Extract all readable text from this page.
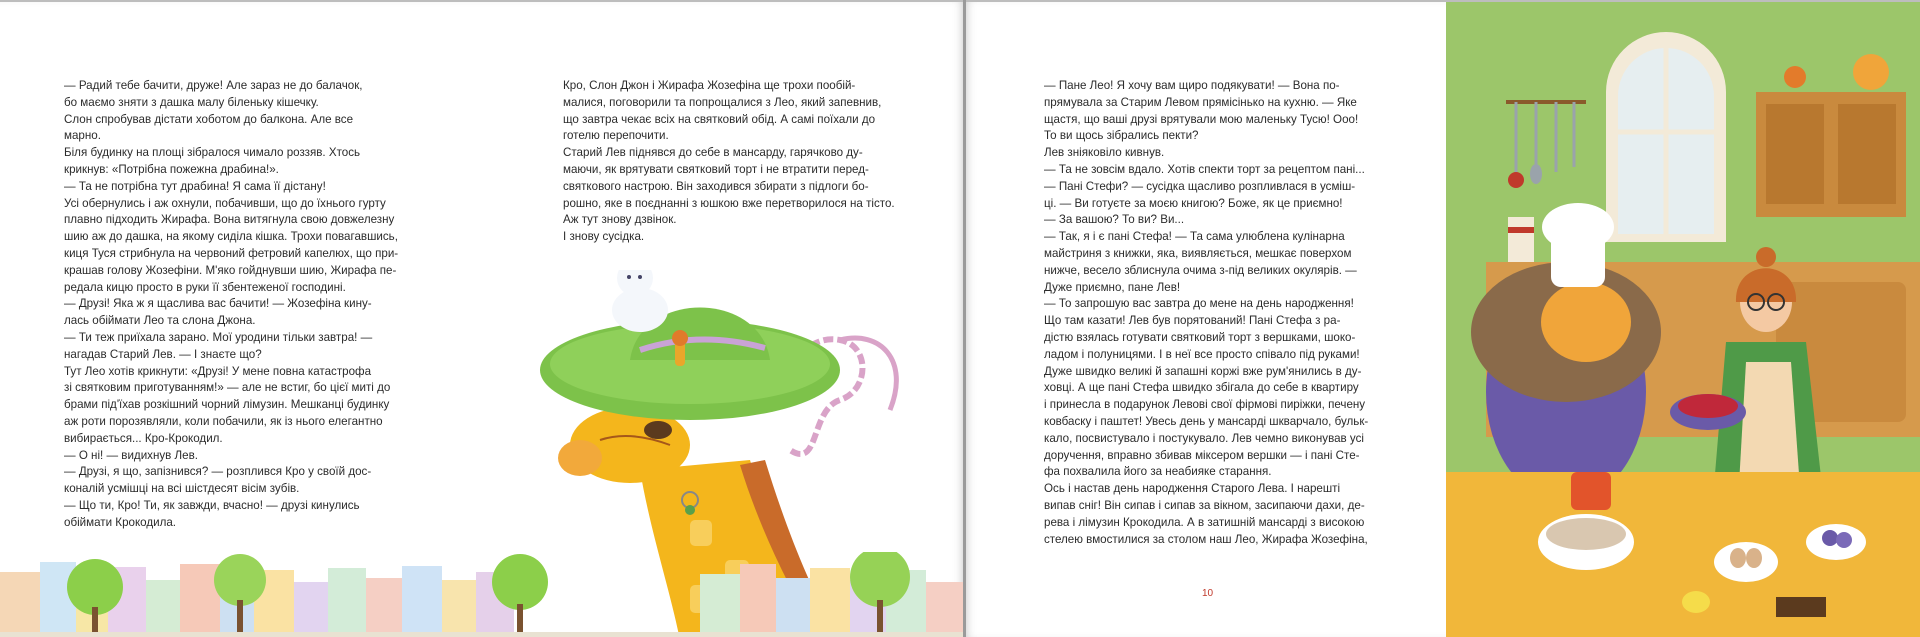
— Радий тебе бачити, друже! Але зараз не до балачок,

бо маємо зняти з дашка малу біленьку кішечку.

Слон спробував дістати хоботом до балкона. Але все

марно.

Біля будинку на площі зібралося чимало роззяв. Хтось

крикнув: «Потрібна пожежна драбина!».

— Та не потрібна тут драбина! Я сама її дістану!

Усі обернулись і аж охнули, побачивши, що до їхнього гурту

плавно підходить Жирафа. Вона витягнула свою довжелезну

шию аж до дашка, на якому сиділа кішка. Трохи повагавшись,

киця Туся стрибнула на червоний фетровий капелюх, що при-

крашав голову Жозефіни. М'яко гойднувши шию, Жирафа пе-

редала кицю просто в руки її збентеженої господині.

— Друзі! Яка ж я щаслива вас бачити! — Жозефіна кину-

лась обіймати Лео та слона Джона.

— Ти теж приїхала зарано. Мої уродини тільки завтра! —

нагадав Старий Лев. — І знаєте що?

Тут Лео хотів крикнути: «Друзі! У мене повна катастрофа

зі святковим приготуванням!» — але не встиг, бо цієї миті до

брами під'їхав розкішний чорний лімузин. Мешканці будинку

аж роти порозявляли, коли побачили, як із нього елегантно

вибирається... Кро-Крокодил.

— О ні! — видихнув Лев.

— Друзі, я що, запізнився? — розплився Кро у своїй дос-

коналій усмішці на всі шістдесят вісім зубів.

— Що ти, Кро! Ти, як завжди, вчасно! — друзі кинулись

обіймати Крокодила.

Кро, Слон Джон і Жирафа Жозефіна ще трохи пообій-

малися, поговорили та попрощалися з Лео, який запевнив,

що завтра чекає всіх на святковий обід. А самі поїхали до

готелю перепочити.

Старий Лев піднявся до себе в мансарду, гарячково ду-

маючи, як врятувати святковий торт і не втратити перед-

святкового настрою. Він заходився збирати з підлоги бо-

рошно, яке в поєднанні з юшкою вже перетворилося на тісто.

Аж тут знову дзвінок.

І знову сусідка.

— Пане Лео! Я хочу вам щиро подякувати! — Вона по-

прямувала за Старим Левом прямісінько на кухню. — Яке

щастя, що ваші друзі врятували мою маленьку Тусю! Ооо!

То ви щось зібрались пекти?

Лев зніяковіло кивнув.

— Та не зовсім вдало. Хотів спекти торт за рецептом пані...

— Пані Стефи? — сусідка щасливо розпливлася в усміш-

ці. — Ви готуєте за моєю книгою? Боже, як це приємно!

— За вашою? То ви? Ви...

— Так, я і є пані Стефа! — Та сама улюблена кулінарна

майстриня з книжки, яка, виявляється, мешкає поверхом

нижче, весело зблиснула очима з-під великих окулярів. —

Дуже приємно, пане Лев!

— То запрошую вас завтра до мене на день народження!

Що там казати! Лев був порятований! Пані Стефа з ра-

дістю взялась готувати святковий торт з вершками, шоко-

ладом і полуницями. І в неї все просто співало під руками!

Дуже швидко великі й запашні коржі вже рум'янились в ду-

ховці. А ще пані Стефа швидко збігала до себе в квартиру

і принесла в подарунок Левові свої фірмові пиріжки, печену

ковбаску і паштет! Увесь день у мансарді шкварчало, бульк-

кало, посвистувало і постукувало. Лев чемно виконував усі

доручення, вправно збивав міксером вершки — і пані Сте-

фа похвалила його за неабияке старання.

Ось і настав день народження Старого Лева. І нарешті

випав сніг! Він сипав і сипав за вікном, засипаючи дахи, де-

рева і лімузин Крокодила. А в затишній мансарді з високою

стелею вмостилися за столом наш Лео, Жирафа Жозефіна,

10
